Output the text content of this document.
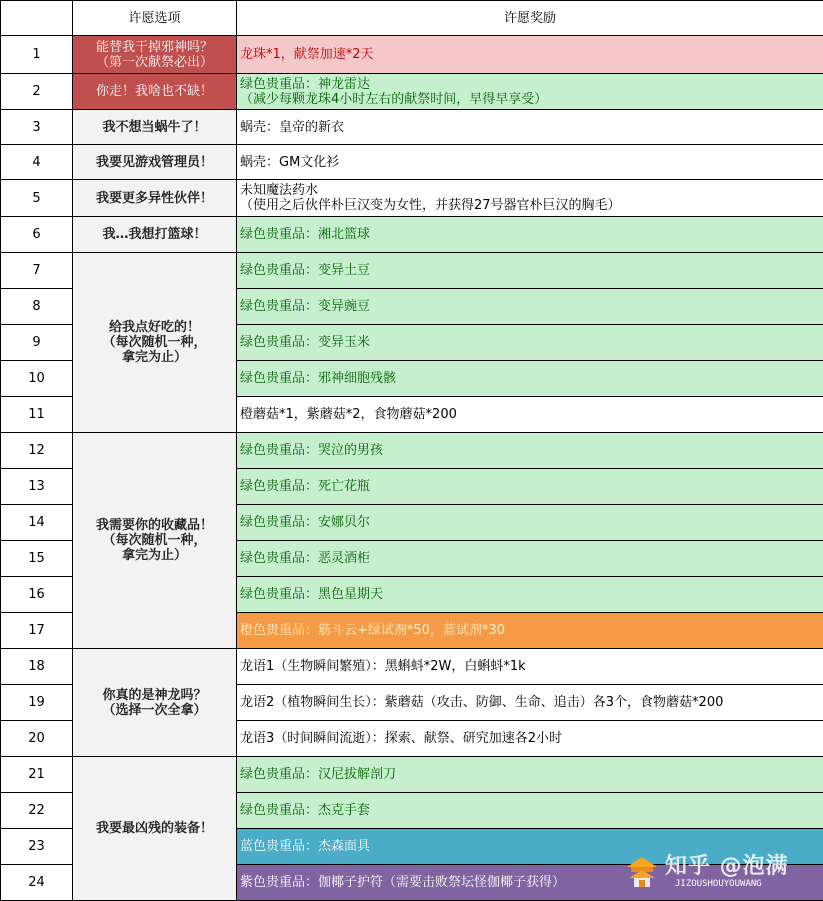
	许愿选项	许愿奖励
1	能替我干掉邪神吗？
（第一次献祭必出）	龙珠*1，献祭加速*2天
2	你走！我啥也不缺！	绿色贵重品：神龙雷达
（减少每颗龙珠4小时左右的献祭时间，早得早享受）

3	我不想当蜗牛了！	蜗壳：皇帝的新衣
4	我要见游戏管理员！	蜗壳：GM文化衫
5	我要更多异性伙伴！	未知魔法药水
（使用之后伙伴朴巨汉变为女性，并获得27号器官朴巨汉的胸毛）

6	我…我想打篮球！	绿色贵重品：湘北篮球
7	给我点好吃的！
（每次随机一种，
拿完为止）	绿色贵重品：变异土豆
8		绿色贵重品：变异豌豆
9		绿色贵重品：变异玉米
10		绿色贵重品：邪神细胞残骸
11		橙蘑菇*1，紫蘑菇*2，食物蘑菇*200
12	我需要你的收藏品！
（每次随机一种，
拿完为止）	绿色贵重品：哭泣的男孩
13		绿色贵重品：死亡花瓶
14		绿色贵重品：安娜贝尔
15		绿色贵重品：恶灵酒柜
16		绿色贵重品：黑色星期天
17		橙色贵重品：筋斗云+绿试剂*50，蓝试剂*30
18	你真的是神龙吗？
（选择一次全拿）	龙语1（生物瞬间繁殖）：黑蝌蚪*2W，白蝌蚪*1k
19		龙语2（植物瞬间生长）：紫蘑菇（攻击、防御、生命、追击）各3个，食物蘑菇*200
20		龙语3（时间瞬间流逝）：探索、献祭、研究加速各2小时
21	我要最凶残的装备！	绿色贵重品：汉尼拔解剖刀
22		绿色贵重品：杰克手套
23		蓝色贵重品：杰森面具
24		紫色贵重品：伽椰子护符（需要击败祭坛怪伽椰子获得）
知乎 @泡满
JIZOUSHOUYOUWANG
